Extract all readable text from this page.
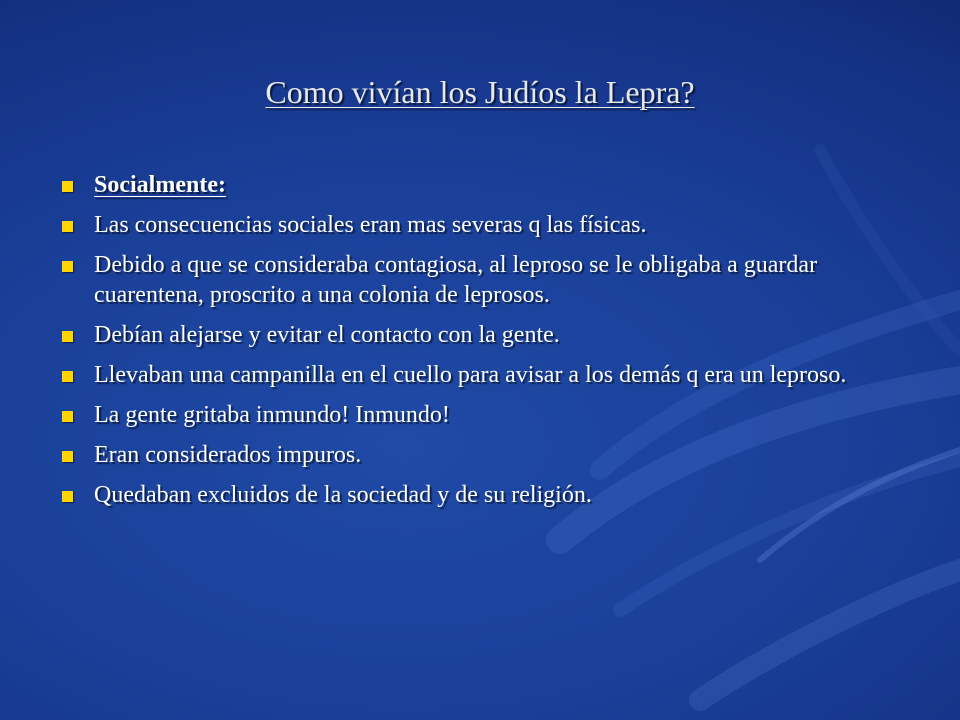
Como vivían los Judíos la Lepra?
Socialmente:
Las consecuencias sociales eran mas severas q las físicas.
Debido a que se consideraba contagiosa, al leproso se le obligaba a guardar cuarentena, proscrito a una colonia de leprosos.
Debían alejarse y evitar el contacto con la gente.
Llevaban una campanilla en el cuello para avisar a los demás q era un leproso.
La gente gritaba inmundo! Inmundo!
Eran considerados impuros.
Quedaban excluidos de la sociedad y de su religión.
